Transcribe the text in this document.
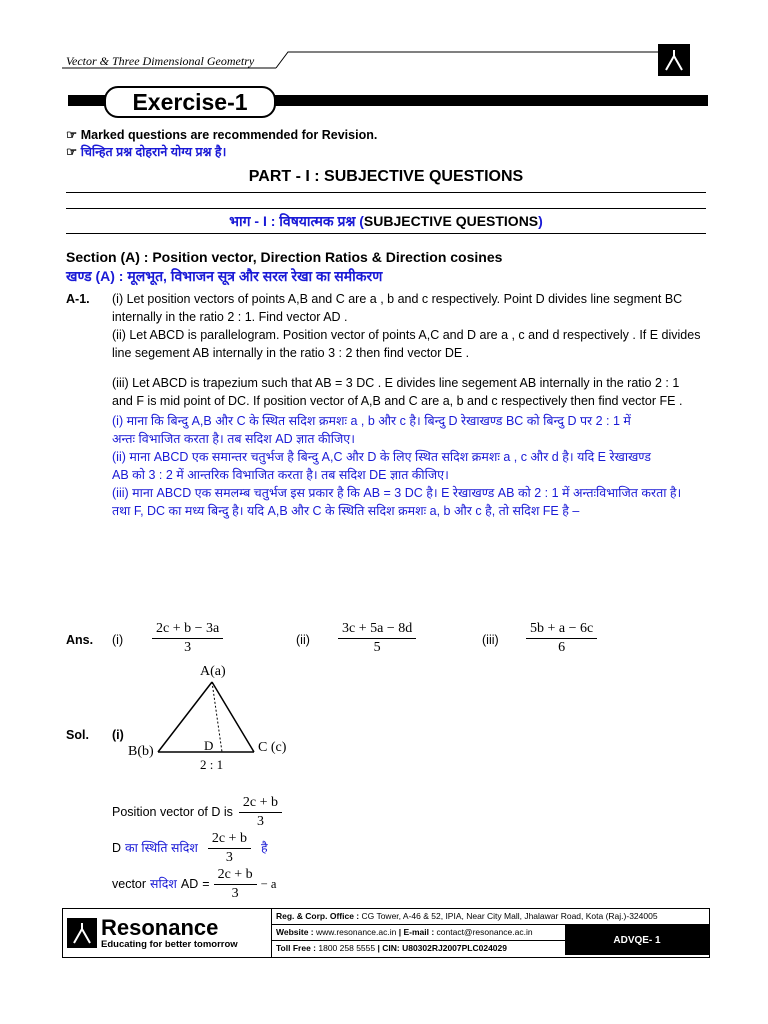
Vector & Three Dimensional Geometry
Exercise-1
☞ Marked questions are recommended for Revision.
☞ चिन्हित प्रश्न दोहराने योग्य प्रश्न है।
PART - I : SUBJECTIVE QUESTIONS
भाग - I : विषयात्मक प्रश्न (SUBJECTIVE QUESTIONS)
Section (A) : Position vector, Direction Ratios & Direction cosines
खण्ड (A) : मूलभूत, विभाजन सूत्र और सरल रेखा का समीकरण
A-1. (i) Let position vectors of points A,B and C are a , b and c respectively. Point D divides line segment BC
internally in the ratio 2 : 1. Find vector AD .
(ii) Let ABCD is parallelogram. Position vector of points A,C and D are a , c and d respectively . If E divides
line segement AB internally in the ratio 3 : 2 then find vector DE .
(iii) Let ABCD is trapezium such that AB = 3 DC . E divides line segement AB internally in the ratio 2 : 1
and F is mid point of DC. If position vector of A,B and C are a, b and c respectively then find vector FE .
(i) माना कि बिन्दु A,B और C के स्थित सदिश क्रमशः a , b और c है। बिन्दु D रेखाखण्ड BC को बिन्दु D पर 2 : 1 में
अन्तः विभाजित करता है। तब सदिश AD ज्ञात कीजिए।
(ii) माना ABCD एक समान्तर चतुर्भज है बिन्दु A,C और D के लिए स्थित सदिश क्रमशः a , c और d है। यदि E रेखाखण्ड
AB को 3 : 2 में आन्तरिक विभाजित करता है। तब सदिश DE ज्ञात कीजिए।
(iii) माना ABCD एक समलम्ब चतुर्भज इस प्रकार है कि AB = 3 DC है। E रेखाखण्ड AB को 2 : 1 में अन्तःविभाजित करता है।
तथा F, DC का मध्य बिन्दु है। यदि A,B और C के स्थिति सदिश क्रमशः a, b और c है, तो सदिश FE है –
Ans. $(i) \frac{2c + b - 3a}{3}$	$(ii) \frac{3c + 5a - 8d}{5}$	$(iii) \frac{5b + a - 6c}{6}$
Sol. (i)
A(a)
B(b)	C (c)
D
2 : 1
Position vector of D is $\frac{2c + b}{3}$
D का स्थिति सदिश $\frac{2c + b}{3}$ है
vector सदिश AD = $\frac{2c + b}{3} - a$
Resonance
Educating for better tomorrow
Reg. & Corp. Office : CG Tower, A-46 & 52, IPIA, Near City Mall, Jhalawar Road, Kota (Raj.)-324005
Website : www.resonance.ac.in | E-mail : contact@resonance.ac.in
Toll Free : 1800 258 5555 | CIN: U80302RJ2007PLC024029
ADVQE- 1
